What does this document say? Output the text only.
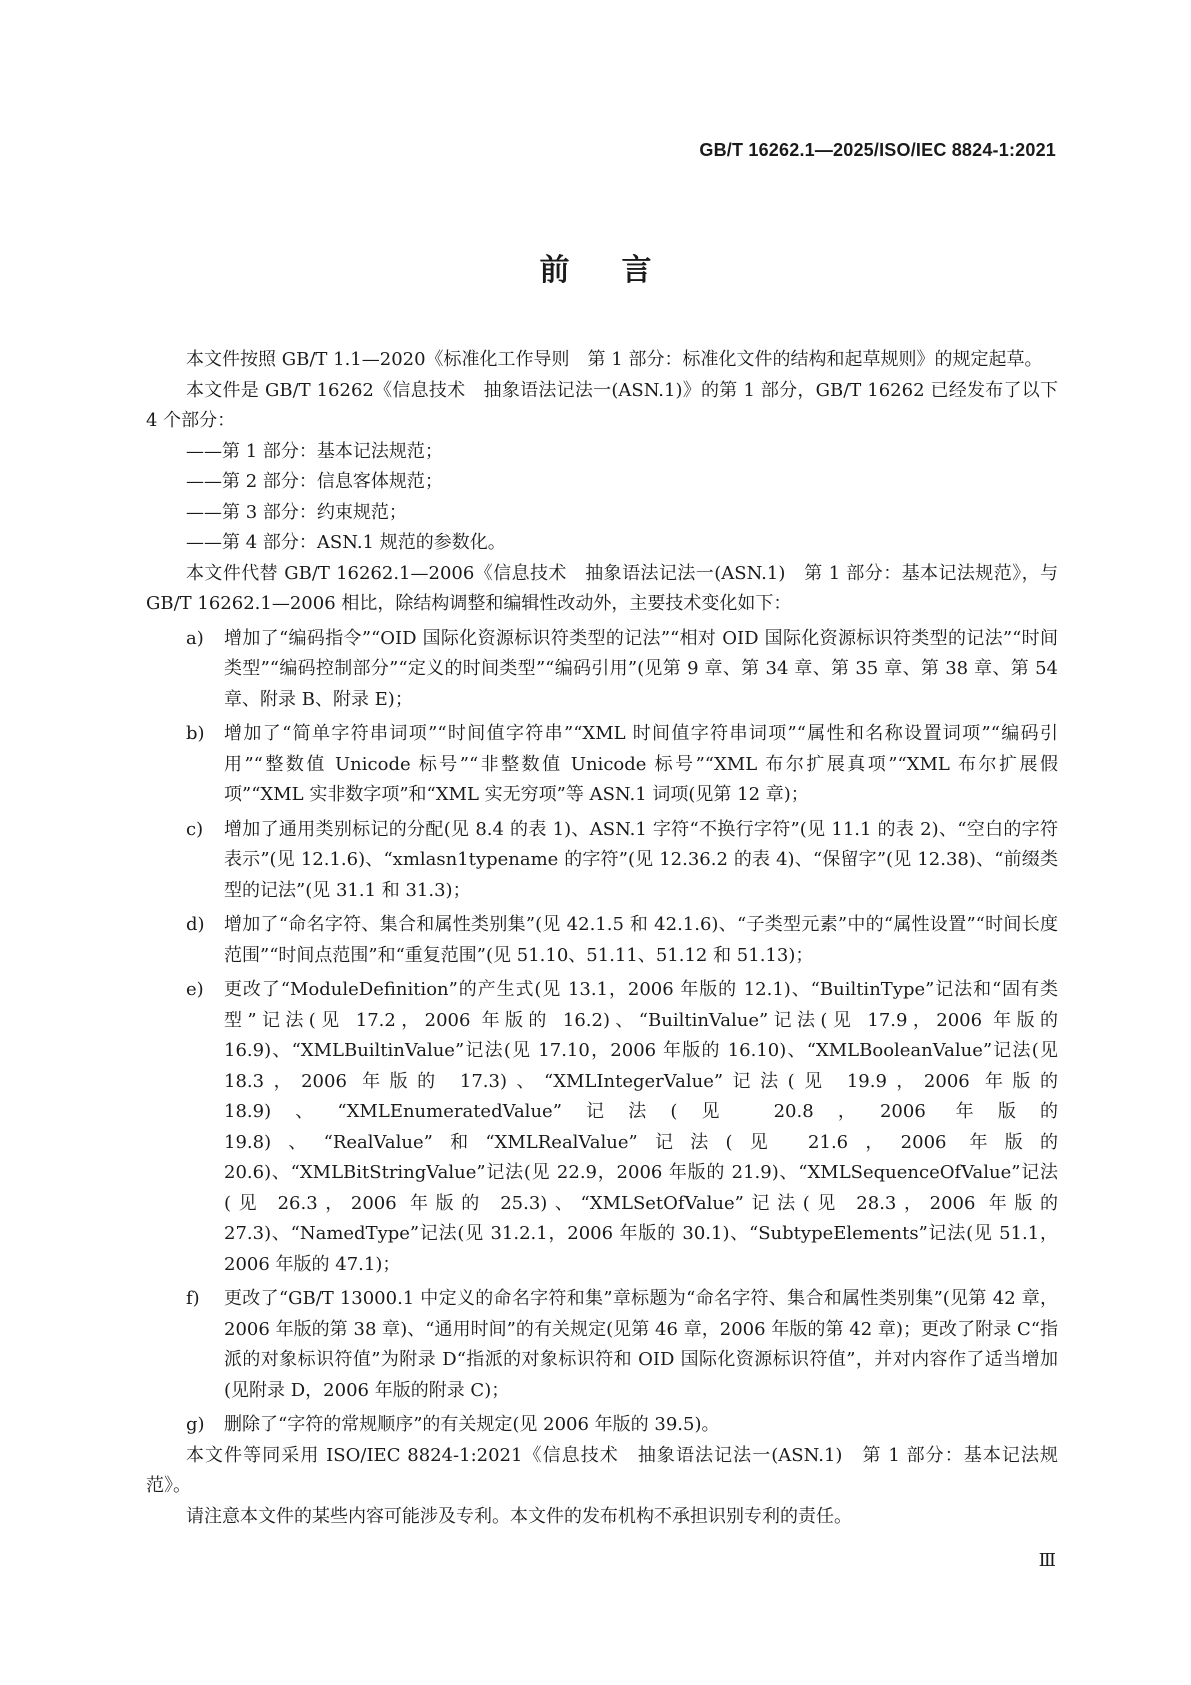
GB/T 16262.1—2025/ISO/IEC 8824-1:2021
前言

本文件按照 GB/T 1.1—2020《标准化工作导则　第 1 部分：标准化文件的结构和起草规则》的规定起草。

本文件是 GB/T 16262《信息技术　抽象语法记法一(ASN.1)》的第 1 部分，GB/T 16262 已经发布了以下 4 个部分：

——第 1 部分：基本记法规范；

——第 2 部分：信息客体规范；

——第 3 部分：约束规范；

——第 4 部分：ASN.1 规范的参数化。

本文件代替 GB/T 16262.1—2006《信息技术　抽象语法记法一(ASN.1)　第 1 部分：基本记法规范》，与 GB/T 16262.1—2006 相比，除结构调整和编辑性改动外，主要技术变化如下：

a) 增加了“编码指令”“OID 国际化资源标识符类型的记法”“相对 OID 国际化资源标识符类型的记法”“时间类型”“编码控制部分”“定义的时间类型”“编码引用”(见第 9 章、第 34 章、第 35 章、第 38 章、第 54 章、附录 B、附录 E)；
b) 增加了“简单字符串词项”“时间值字符串”“XML 时间值字符串词项”“属性和名称设置词项”“编码引用”“整数值 Unicode 标号”“非整数值 Unicode 标号”“XML 布尔扩展真项”“XML 布尔扩展假项”“XML 实非数字项”和“XML 实无穷项”等 ASN.1 词项(见第 12 章)；
c) 增加了通用类别标记的分配(见 8.4 的表 1)、ASN.1 字符“不换行字符”(见 11.1 的表 2)、“空白的字符表示”(见 12.1.6)、“xmlasn1typename 的字符”(见 12.36.2 的表 4)、“保留字”(见 12.38)、“前缀类型的记法”(见 31.1 和 31.3)；
d) 增加了“命名字符、集合和属性类别集”(见 42.1.5 和 42.1.6)、“子类型元素”中的“属性设置”“时间长度范围”“时间点范围”和“重复范围”(见 51.10、51.11、51.12 和 51.13)；
e) 更改了“ModuleDefinition”的产生式(见 13.1，2006 年版的 12.1)、“BuiltinType”记法和“固有类型”记法(见 17.2，2006 年版的 16.2)、“BuiltinValue”记法(见 17.9，2006 年版的 16.9)、“XMLBuiltinValue”记法(见 17.10，2006 年版的 16.10)、“XMLBooleanValue”记法(见 18.3，2006 年版的 17.3)、“XMLIntegerValue”记法(见 19.9，2006 年版的 18.9)、“XMLEnumeratedValue”记法(见 20.8，2006 年版的 19.8)、“RealValue”和“XMLRealValue”记法(见 21.6，2006 年版的 20.6)、“XMLBitStringValue”记法(见 22.9，2006 年版的 21.9)、“XMLSequenceOfValue”记法(见 26.3，2006 年版的 25.3)、“XMLSetOfValue”记法(见 28.3，2006 年版的 27.3)、“NamedType”记法(见 31.2.1，2006 年版的 30.1)、“SubtypeElements”记法(见 51.1，2006 年版的 47.1)；
f) 更改了“GB/T 13000.1 中定义的命名字符和集”章标题为“命名字符、集合和属性类别集”(见第 42 章，2006 年版的第 38 章)、“通用时间”的有关规定(见第 46 章，2006 年版的第 42 章)；更改了附录 C“指派的对象标识符值”为附录 D“指派的对象标识符和 OID 国际化资源标识符值”，并对内容作了适当增加(见附录 D，2006 年版的附录 C)；
g) 删除了“字符的常规顺序”的有关规定(见 2006 年版的 39.5)。

本文件等同采用 ISO/IEC 8824-1:2021《信息技术　抽象语法记法一(ASN.1)　第 1 部分：基本记法规范》。

请注意本文件的某些内容可能涉及专利。本文件的发布机构不承担识别专利的责任。

Ⅲ
